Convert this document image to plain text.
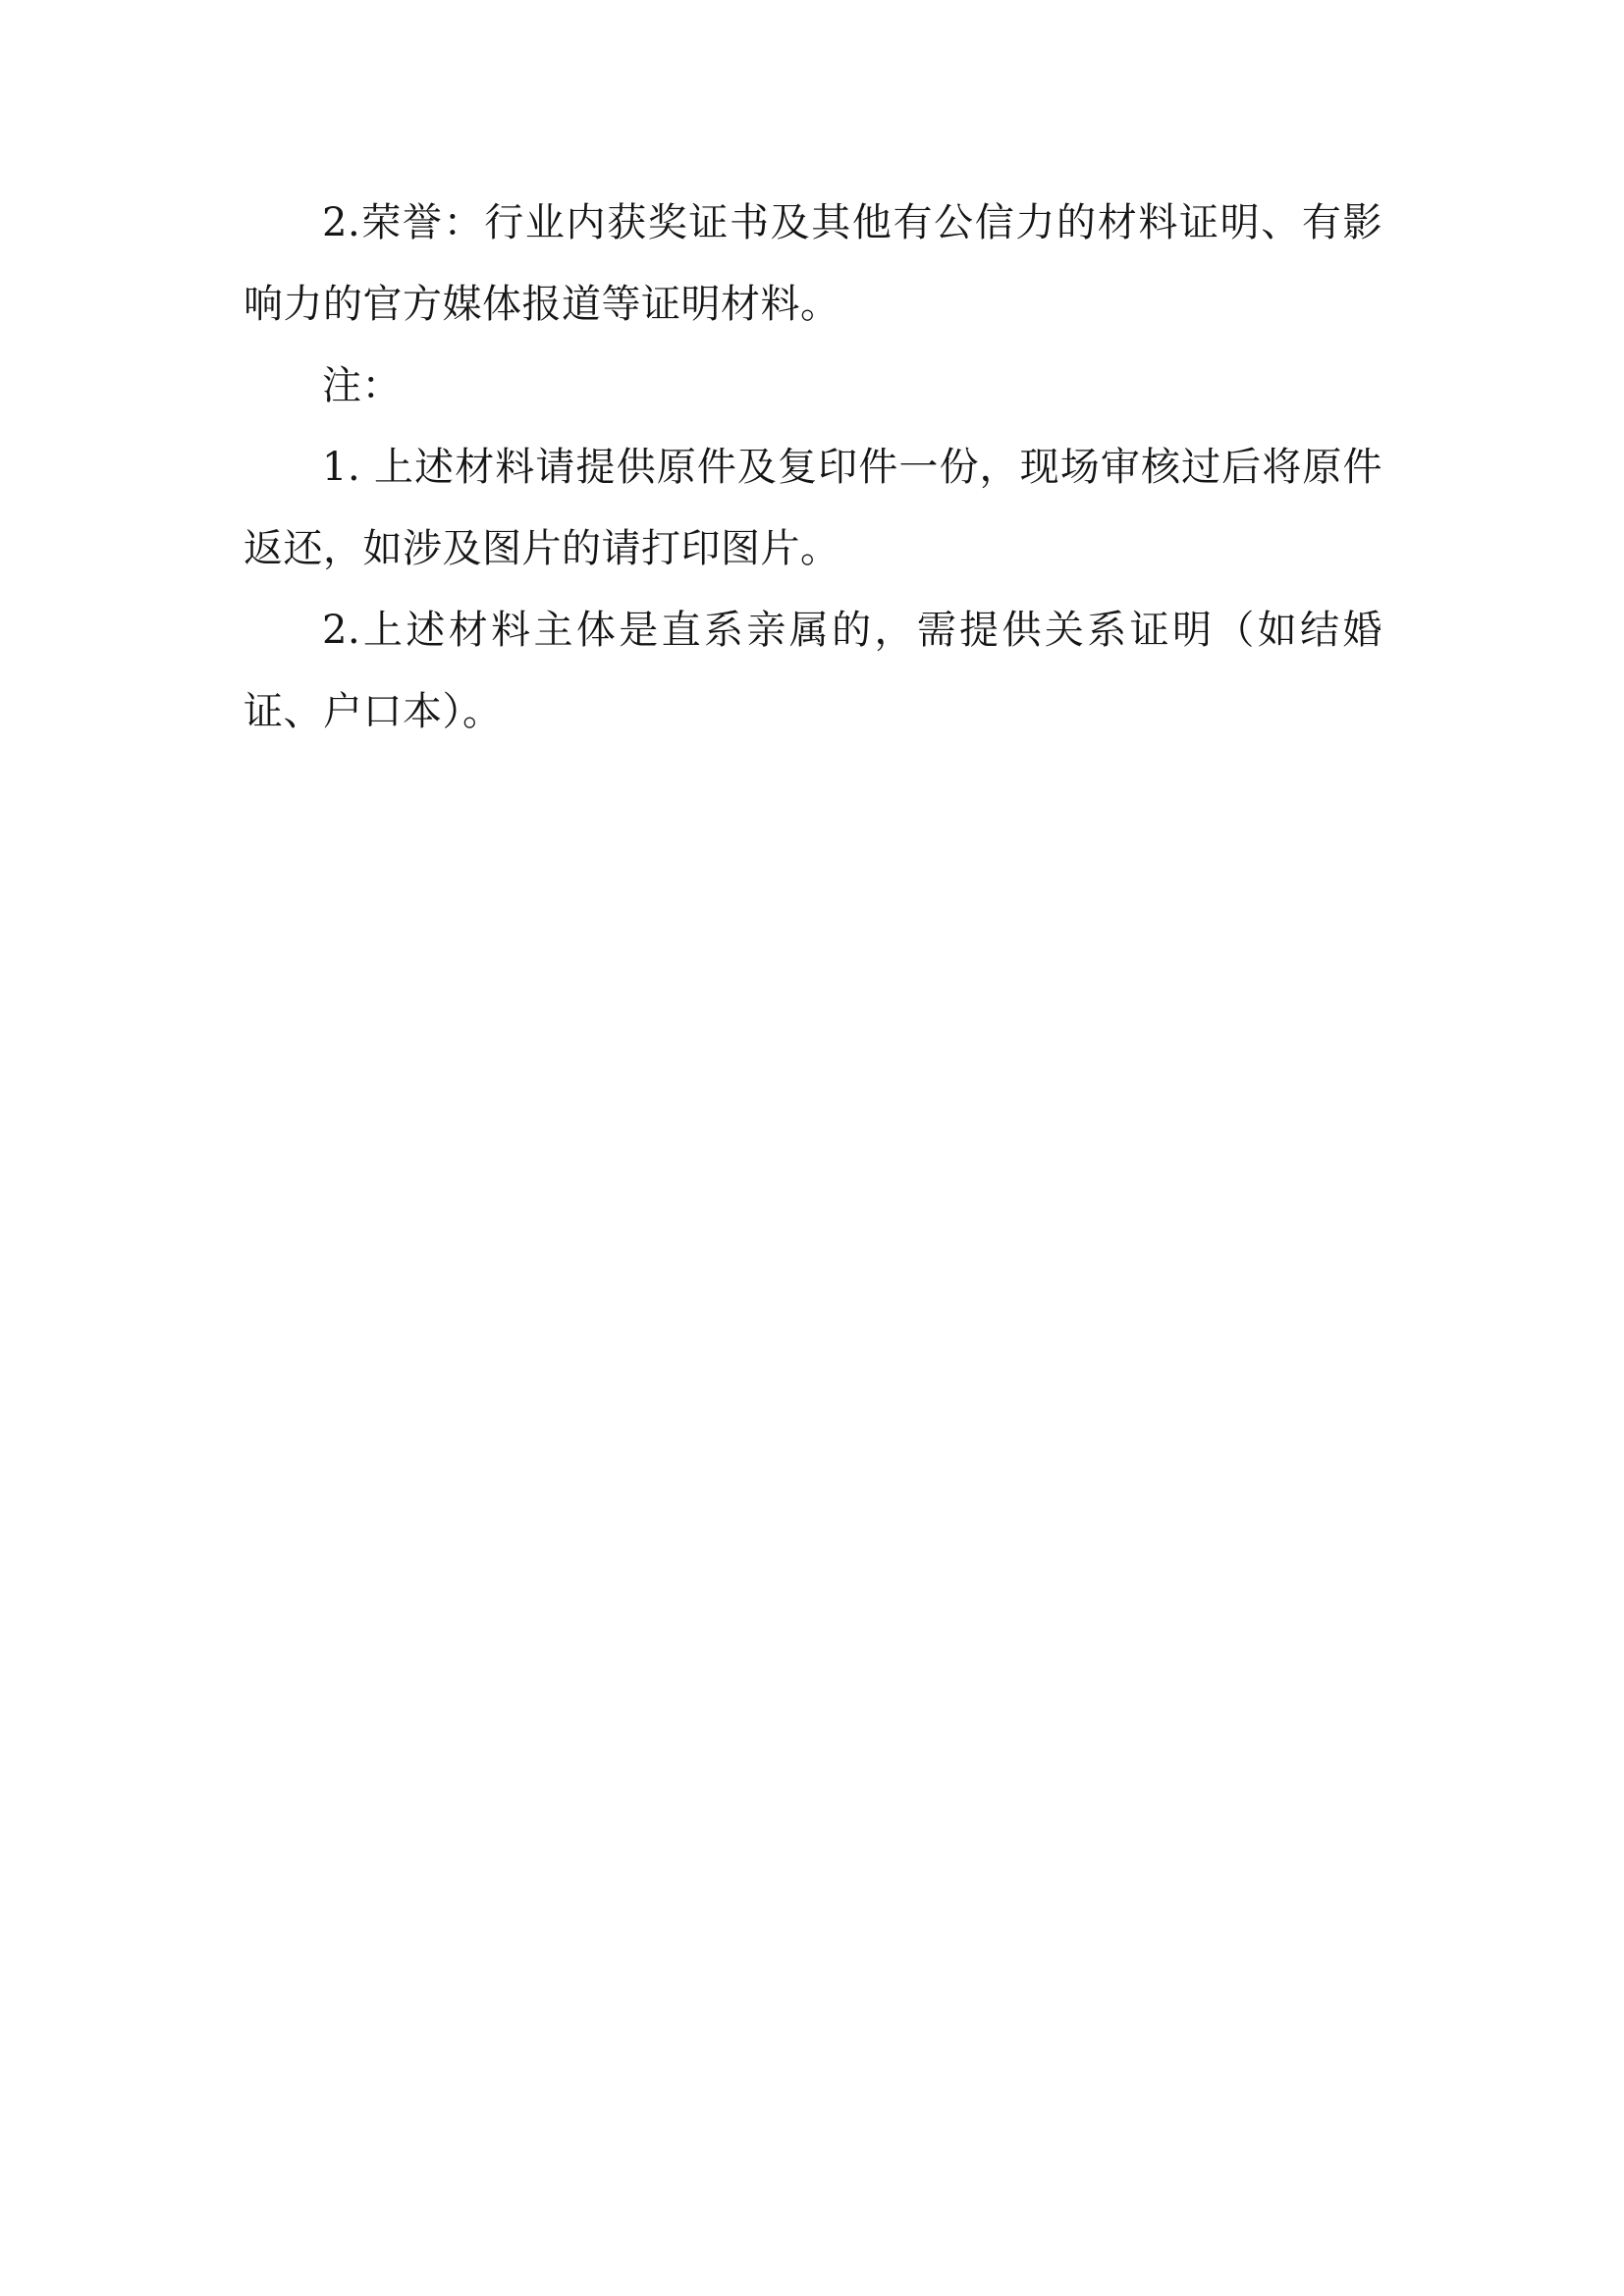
2.荣誉：行业内获奖证书及其他有公信力的材料证明、有影响力的官方媒体报道等证明材料。

注：

1. 上述材料请提供原件及复印件一份，现场审核过后将原件返还，如涉及图片的请打印图片。

2.上述材料主体是直系亲属的，需提供关系证明（如结婚证、户口本）。
